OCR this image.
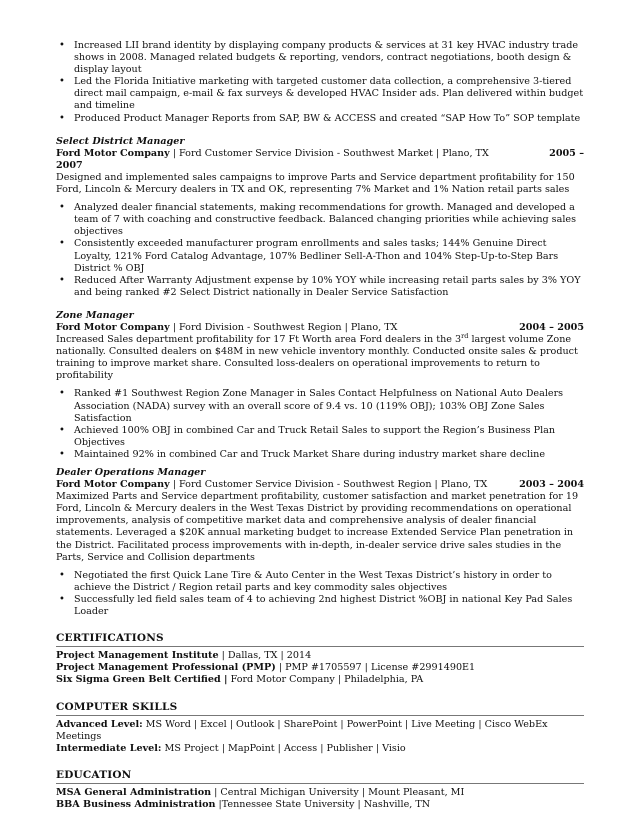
• Increased LII brand identity by displaying company products & services at 31 key HVAC industry trade shows in 2008. Managed related budgets & reporting, vendors, contract negotiations, booth design & display layout
• Led the Florida Initiative marketing with targeted customer data collection, a comprehensive 3-tiered direct mail campaign, e-mail & fax surveys & developed HVAC Insider ads. Plan delivered within budget and timeline
• Produced Product Manager Reports from SAP, BW & ACCESS and created “SAP How To” SOP template
Select District Manager
Ford Motor Company | Ford Customer Service Division - Southwest Market | Plano, TX	2005 –
2007

Designed and implemented sales campaigns to improve Parts and Service department profitability for 150 Ford, Lincoln & Mercury dealers in TX and OK, representing 7% Market and 1% Nation retail parts sales

• Analyzed dealer financial statements, making recommendations for growth. Managed and developed a team of 7 with coaching and constructive feedback. Balanced changing priorities while achieving sales objectives
• Consistently exceeded manufacturer program enrollments and sales tasks; 144% Genuine Direct Loyalty, 121% Ford Catalog Advantage, 107% Bedliner Sell-A-Thon and 104% Step-Up-to-Step Bars District % OBJ
• Reduced After Warranty Adjustment expense by 10% YOY while increasing retail parts sales by 3% YOY and being ranked #2 Select District nationally in Dealer Service Satisfaction
Zone Manager
Ford Motor Company | Ford Division - Southwest Region | Plano, TX	2004 – 2005

Increased Sales department profitability for 17 Ft Worth area Ford dealers in the 3rd largest volume Zone nationally. Consulted dealers on $48M in new vehicle inventory monthly. Conducted onsite sales & product training to improve market share. Consulted loss-dealers on operational improvements to return to profitability

• Ranked #1 Southwest Region Zone Manager in Sales Contact Helpfulness on National Auto Dealers Association (NADA) survey with an overall score of 9.4 vs. 10 (119% OBJ); 103% OBJ Zone Sales Satisfaction
• Achieved 100% OBJ in combined Car and Truck Retail Sales to support the Region’s Business Plan Objectives
• Maintained 92% in combined Car and Truck Market Share during industry market share decline
Dealer Operations Manager
Ford Motor Company | Ford Customer Service Division - Southwest Region | Plano, TX	2003 – 2004

Maximized Parts and Service department profitability, customer satisfaction and market penetration for 19 Ford, Lincoln & Mercury dealers in the West Texas District by providing recommendations on operational improvements, analysis of competitive market data and comprehensive analysis of dealer financial statements. Leveraged a $20K annual marketing budget to increase Extended Service Plan penetration in the District. Facilitated process improvements with in-depth, in-dealer service drive sales studies in the Parts, Service and Collision departments

• Negotiated the first Quick Lane Tire & Auto Center in the West Texas District’s history in order to achieve the District / Region retail parts and key commodity sales objectives
• Successfully led field sales team of 4 to achieving 2nd highest District %OBJ in national Key Pad Sales Loader
CERTIFICATIONS
Project Management Institute | Dallas, TX | 2014
Project Management Professional (PMP) | PMP #1705597 | License #2991490E1
Six Sigma Green Belt Certified | Ford Motor Company | Philadelphia, PA
COMPUTER SKILLS
Advanced Level: MS Word | Excel | Outlook | SharePoint | PowerPoint | Live Meeting | Cisco WebEx Meetings
Intermediate Level: MS Project | MapPoint | Access | Publisher | Visio
EDUCATION
MSA General Administration | Central Michigan University | Mount Pleasant, MI
BBA Business Administration |Tennessee State University | Nashville, TN
